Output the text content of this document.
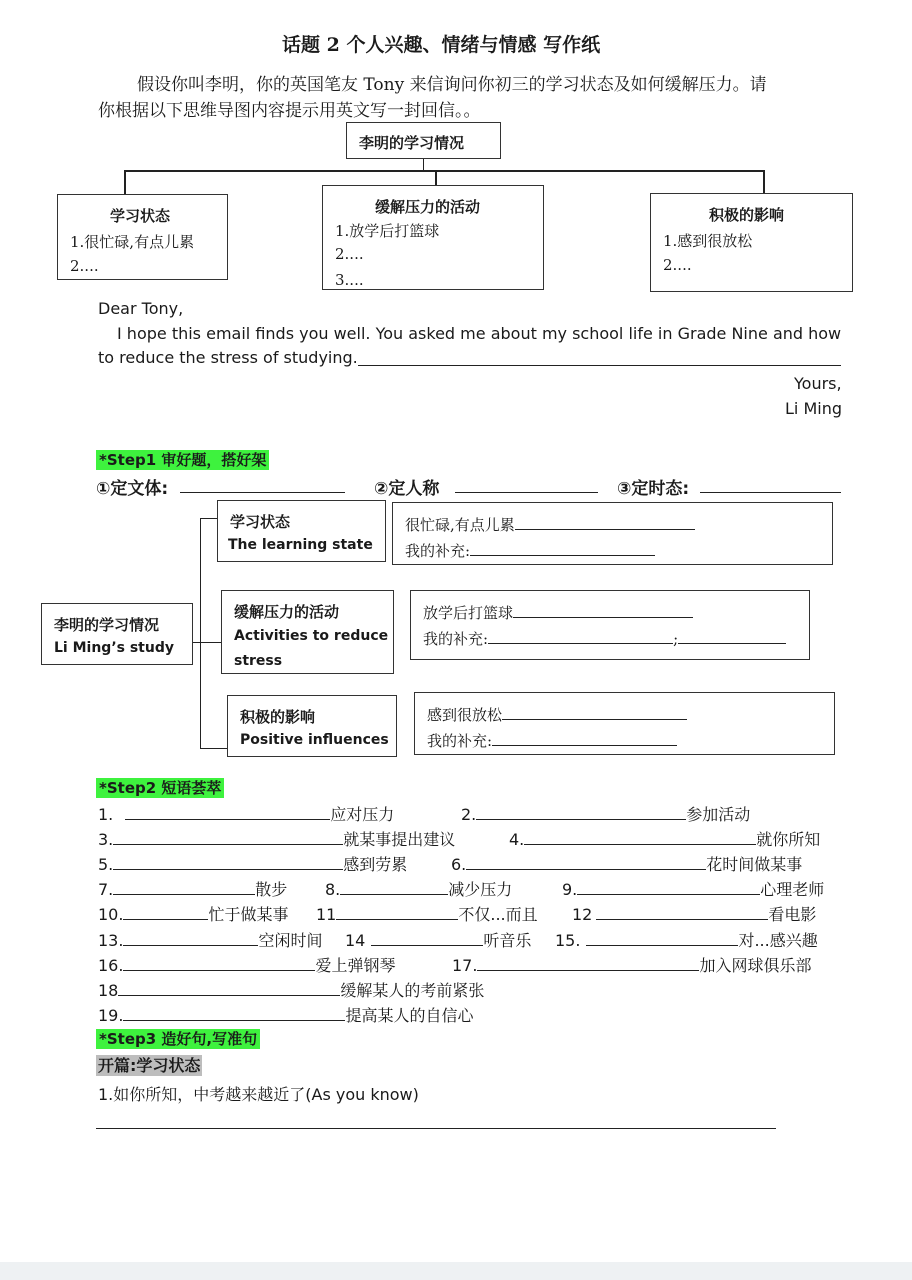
话题 2 个人兴趣、情绪与情感 写作纸
假设你叫李明，你的英国笔友 Tony 来信询问你初三的学习状态及如何缓解压力。请
你根据以下思维导图内容提示用英文写一封回信。。
李明的学习情况
学习状态
1.很忙碌,有点儿累
2....
缓解压力的活动
1.放学后打篮球
2....
3....
积极的影响
1.感到很放松
2....
Dear Tony,
I hope this email finds you well. You asked me about my school life in Grade Nine and how
to reduce the stress of studying.
Yours,
Li Ming
*Step1 审好题，搭好架
①定文体:	②定人称	③定时态:
李明的学习情况
Li Ming’s study
学习状态
The learning state
很忙碌,有点儿累
我的补充:
缓解压力的活动
Activities to reduce
stress
放学后打篮球
我的补充:	;
积极的影响
Positive influences
感到很放松
我的补充:
*Step2 短语荟萃
1.	应对压力	2.	参加活动
3.	就某事提出建议	4.	就你所知
5.	感到劳累	6.	花时间做某事
7.	散步 8.	减少压力	9.	心理老师
10.	忙于做某事 11	不仅...而且 12	看电影
13.	空闲时间 14	听音乐 15.	对...感兴趣
16.	爱上弹钢琴	17.	加入网球俱乐部
18	缓解某人的考前紧张
19.	提高某人的自信心
*Step3 造好句,写准句
开篇:学习状态
1.如你所知，中考越来越近了(As you know)
